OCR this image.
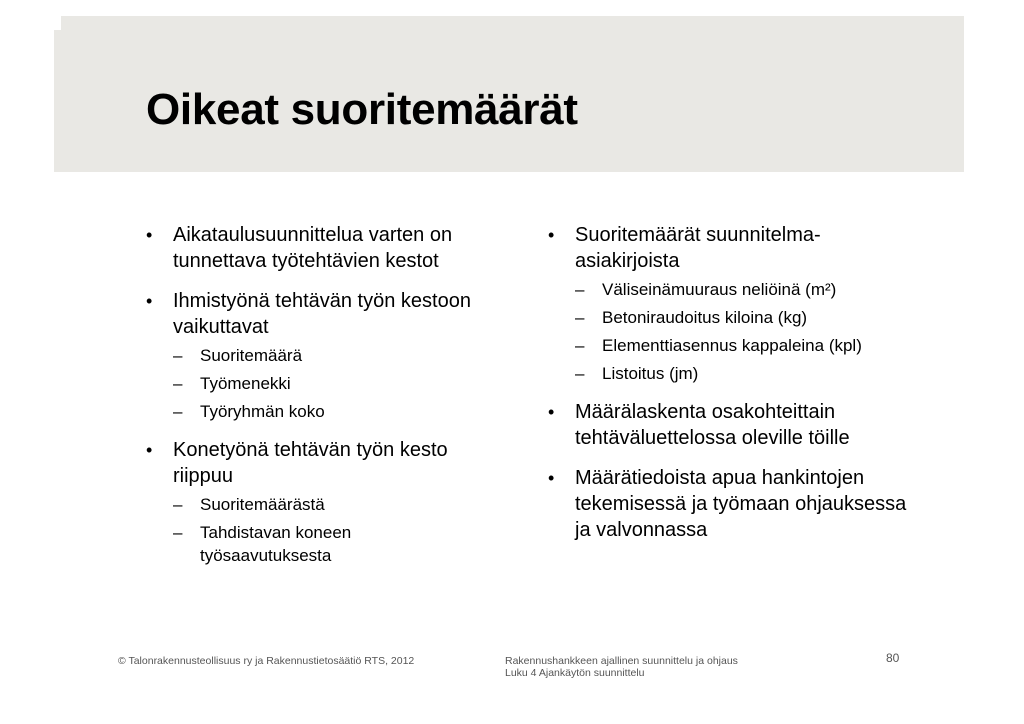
Oikeat suoritemäärät
• Aikataulusuunnittelua varten on tunnettava työtehtävien kestot
• Ihmistyönä tehtävän työn kestoon vaikuttavat
– Suoritemäärä
– Työmenekki
– Työryhmän koko
• Konetyönä tehtävän työn kesto riippuu
– Suoritemäärästä
– Tahdistavan koneen työsaavutuksesta
• Suoritemäärät suunnitelma-asiakirjoista
– Väliseinämuuraus neliöinä (m²)
– Betoniraudoitus kiloina (kg)
– Elementtiasennus kappaleina (kpl)
– Listoitus (jm)
• Määrälaskenta osakohteittain tehtäväluettelossa oleville töille
• Määrätiedoista apua hankintojen tekemisessä ja työmaan ohjauksessa ja valvonnassa
© Talonrakennusteollisuus ry ja Rakennustietosäätiö RTS, 2012	Rakennushankkeen ajallinen suunnittelu ja ohjaus
Luku 4 Ajankäytön suunnittelu
80
